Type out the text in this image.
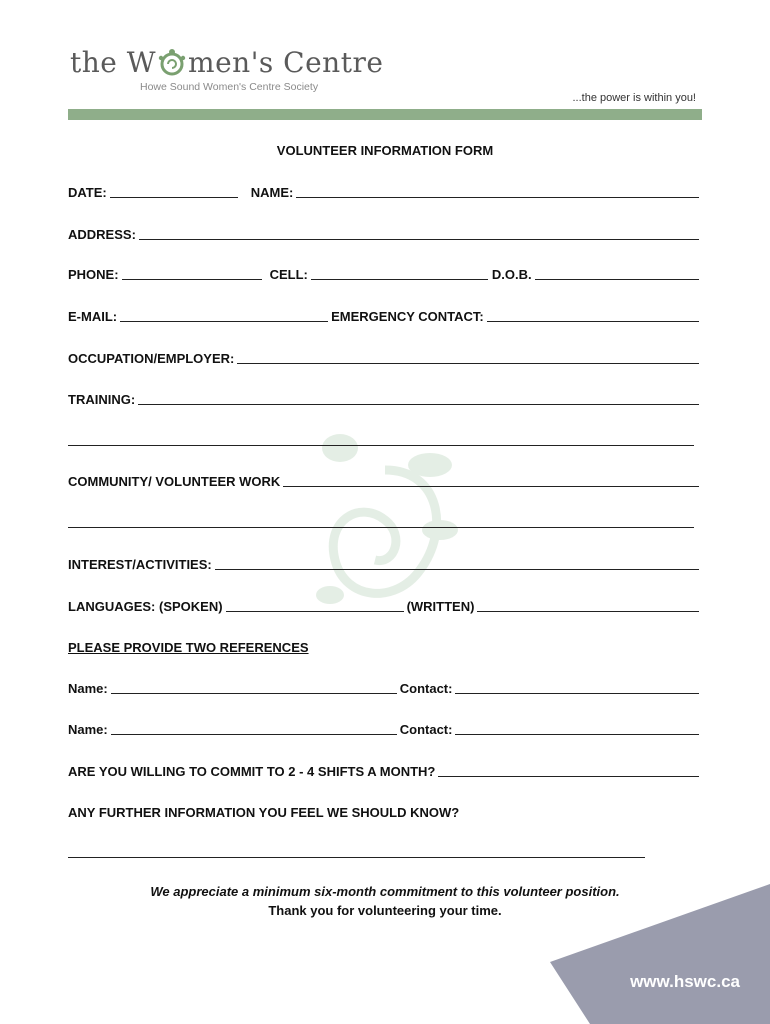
the W men's Centre
Howe Sound Women's Centre Society
...the power is within you!
VOLUNTEER INFORMATION FORM
DATE:	NAME:
ADDRESS:
PHONE:	CELL:	D.O.B.
E-MAIL:	EMERGENCY CONTACT:
OCCUPATION/EMPLOYER:
TRAINING:
COMMUNITY/ VOLUNTEER WORK
INTEREST/ACTIVITIES:
LANGUAGES: (SPOKEN)	(WRITTEN)
PLEASE PROVIDE TWO REFERENCES
Name:	Contact:
Name:	Contact:
ARE YOU WILLING TO COMMIT TO 2 - 4 SHIFTS A MONTH?
ANY FURTHER INFORMATION YOU FEEL WE SHOULD KNOW?
We appreciate a minimum six-month commitment to this volunteer position.
Thank you for volunteering your time.
www.hswc.ca
